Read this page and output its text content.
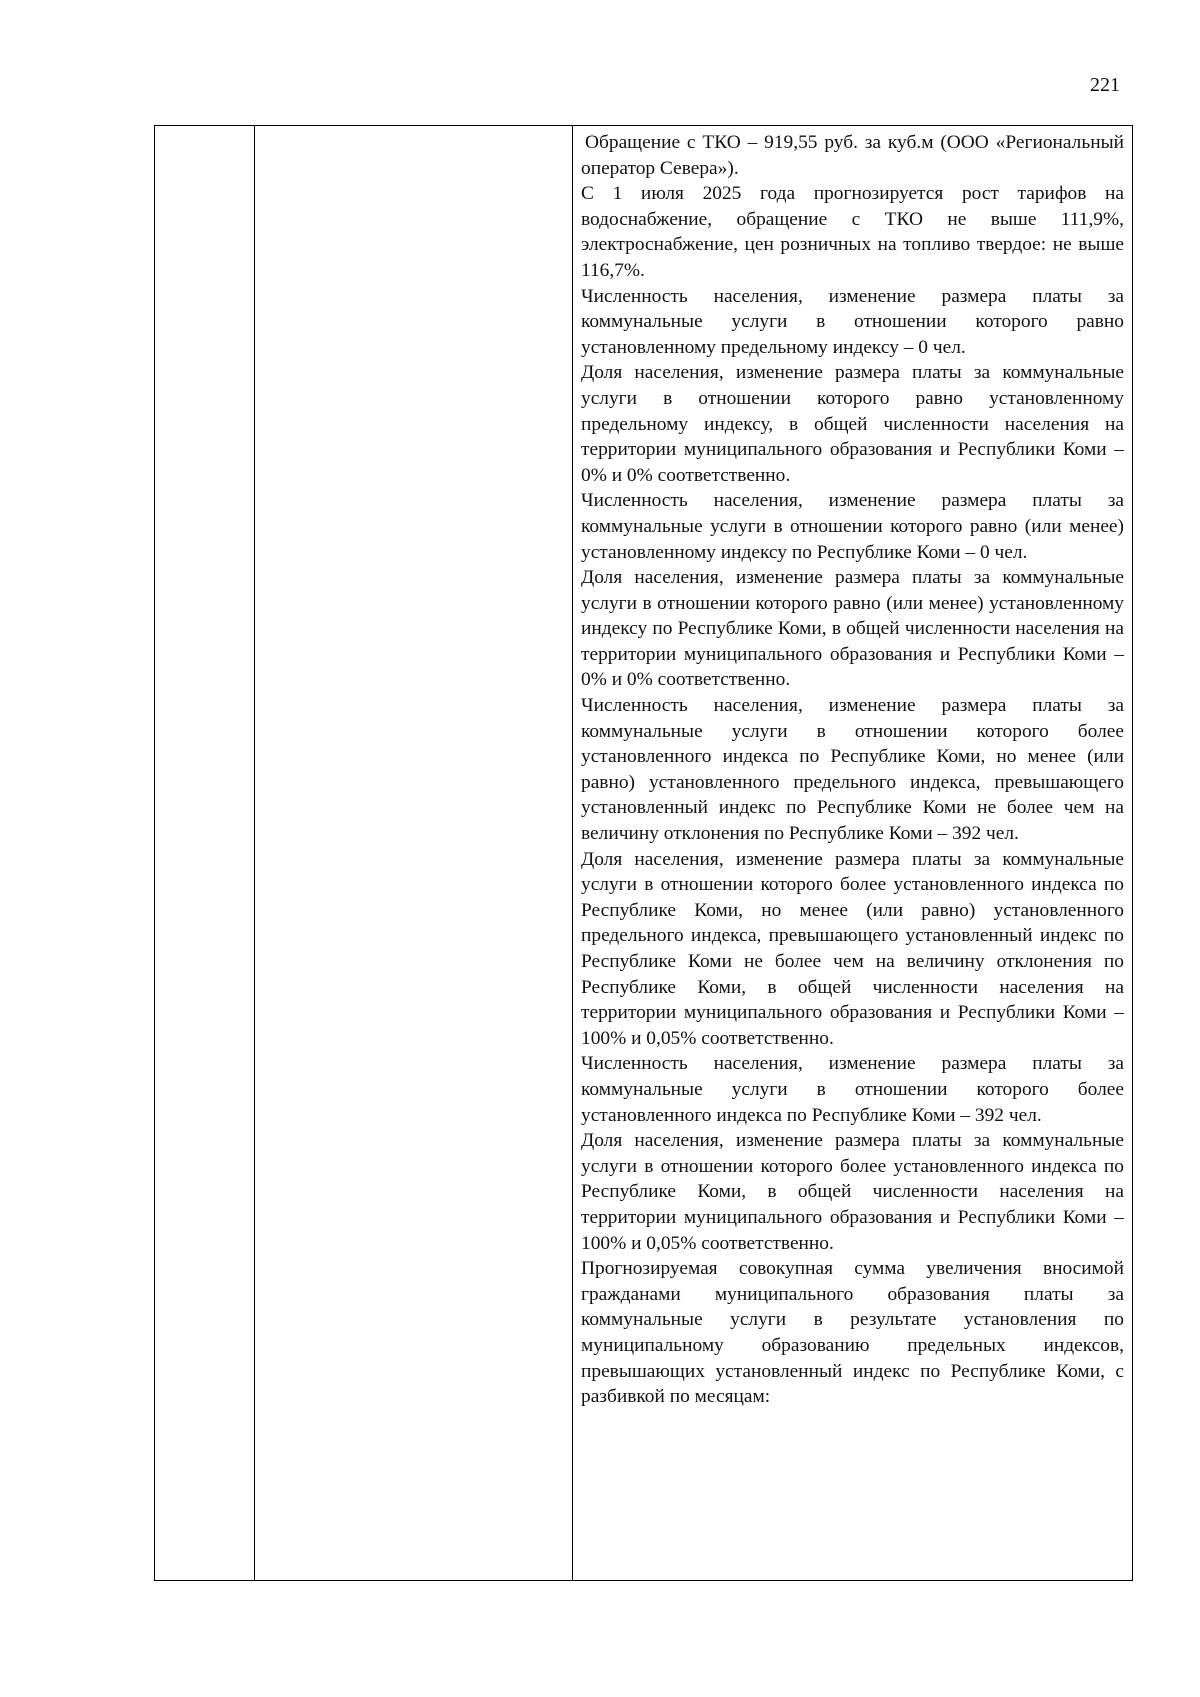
221

Обращение с ТКО – 919,55 руб. за куб.м (ООО «Региональный оператор Севера»).

С 1 июля 2025 года прогнозируется рост тарифов на водоснабжение, обращение с ТКО не выше 111,9%, электроснабжение, цен розничных на топливо твердое: не выше 116,7%.

Численность населения, изменение размера платы за коммунальные услуги в отношении которого равно установленному предельному индексу – 0 чел.

Доля населения, изменение размера платы за коммунальные услуги в отношении которого равно установленному предельному индексу, в общей численности населения на территории муниципального образования и Республики Коми – 0% и 0% соответственно.

Численность населения, изменение размера платы за коммунальные услуги в отношении которого равно (или менее) установленному индексу по Республике Коми – 0 чел.

Доля населения, изменение размера платы за коммунальные услуги в отношении которого равно (или менее) установленному индексу по Республике Коми, в общей численности населения на территории муниципального образования и Республики Коми – 0% и 0% соответственно.

Численность населения, изменение размера платы за коммунальные услуги в отношении которого более установленного индекса по Республике Коми, но менее (или равно) установленного предельного индекса, превышающего установленный индекс по Республике Коми не более чем на величину отклонения по Республике Коми – 392 чел.

Доля населения, изменение размера платы за коммунальные услуги в отношении которого более установленного индекса по Республике Коми, но менее (или равно) установленного предельного индекса, превышающего установленный индекс по Республике Коми не более чем на величину отклонения по Республике Коми, в общей численности населения на территории муниципального образования и Республики Коми – 100% и 0,05% соответственно.

Численность населения, изменение размера платы за коммунальные услуги в отношении которого более установленного индекса по Республике Коми – 392 чел.

Доля населения, изменение размера платы за коммунальные услуги в отношении которого более установленного индекса по Республике Коми, в общей численности населения на территории муниципального образования и Республики Коми – 100% и 0,05% соответственно.

Прогнозируемая совокупная сумма увеличения вносимой гражданами муниципального образования платы за коммунальные услуги в результате установления по муниципальному образованию предельных индексов, превышающих установленный индекс по Республике Коми, с разбивкой по месяцам:
